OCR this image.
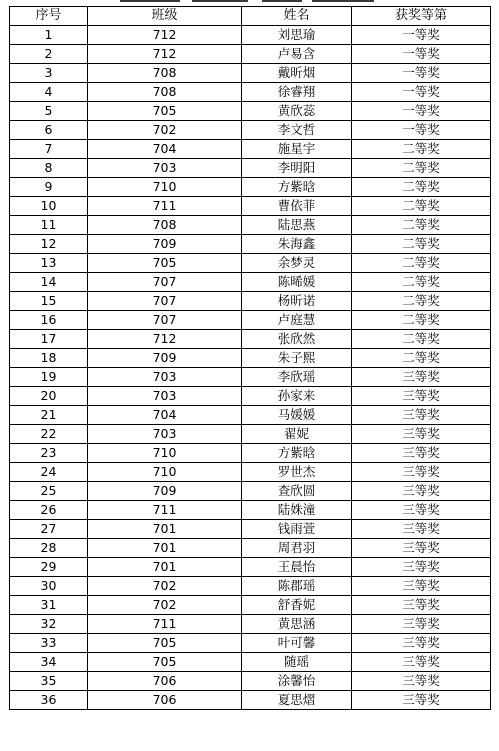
序号	班级	姓名	获奖等第
1	712	刘思瑜	一等奖
2	712	卢易含	一等奖
3	708	戴昕烟	一等奖
4	708	徐睿翔	一等奖
5	705	黄欣蕊	一等奖
6	702	李文哲	一等奖
7	704	施星宇	二等奖
8	703	李明阳	二等奖
9	710	方紫晗	二等奖
10	711	曹依菲	二等奖
11	708	陆思燕	二等奖
12	709	朱海鑫	二等奖
13	705	余梦灵	二等奖
14	707	陈晞媛	二等奖
15	707	杨昕诺	二等奖
16	707	卢庭慧	二等奖
17	712	张欣然	二等奖
18	709	朱子熙	二等奖
19	703	李欣瑶	三等奖
20	703	孙家来	三等奖
21	704	马媛媛	三等奖
22	703	翟妮	三等奖
23	710	方紫晗	三等奖
24	710	罗世杰	三等奖
25	709	查欣圆	三等奖
26	711	陆姝潼	三等奖
27	701	钱雨萱	三等奖
28	701	周君羽	三等奖
29	701	王晨怡	三等奖
30	702	陈郡瑶	三等奖
31	702	舒香妮	三等奖
32	711	黄思涵	三等奖
33	705	叶可馨	三等奖
34	705	随瑶	三等奖
35	706	涂馨怡	三等奖
36	706	夏思熠	三等奖
